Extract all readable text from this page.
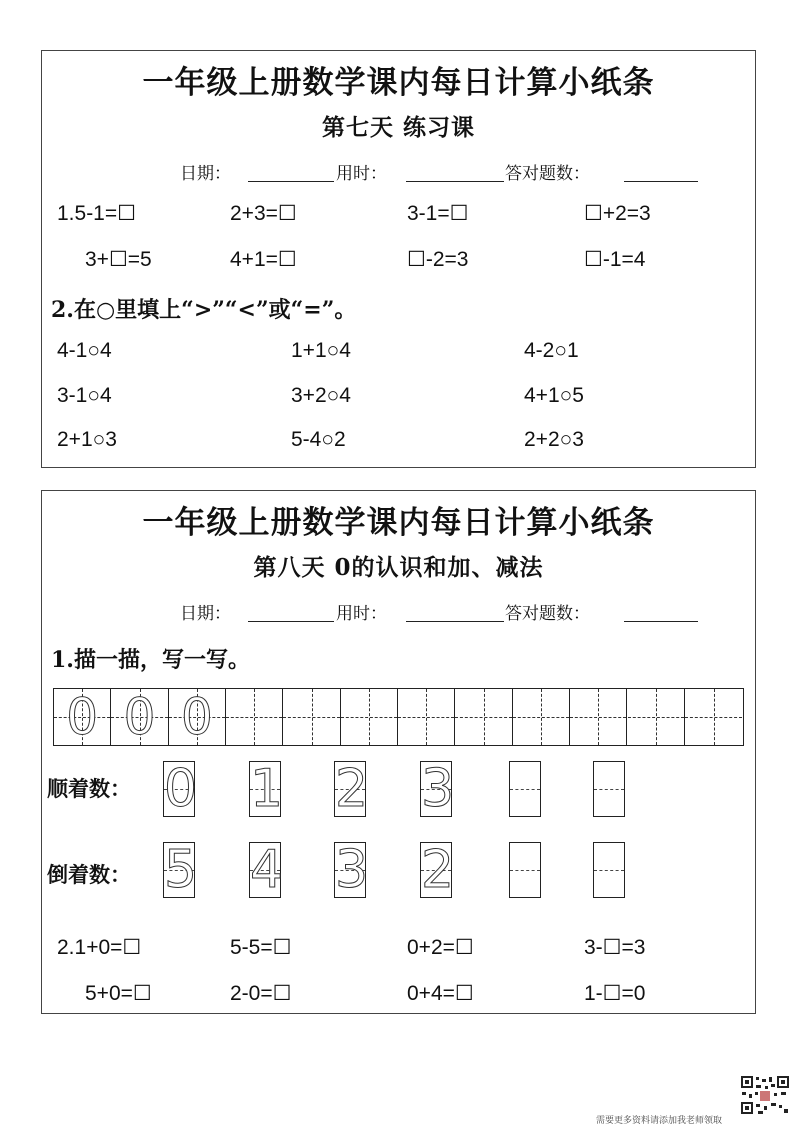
一年级上册数学课内每日计算小纸条
第七天 练习课
日期：	用时：	答对题数：
1.5-1=☐	2+3=☐	3-1=☐	☐+2=3
3+☐=5	4+1=☐	☐-2=3	☐-1=4
2.在○里填上“>”“<”或“=”。
4-1○4	1+1○4	4-2○1
3-1○4	3+2○4	4+1○5
2+1○3	5-4○2	2+2○3
一年级上册数学课内每日计算小纸条
第八天 0的认识和加、减法
日期：	用时：	答对题数：
1.描一描，写一写。
0 0 0
顺着数： 0 1 2 3
倒着数： 5 4 3 2
2.1+0=☐	5-5=☐	0+2=☐	3-☐=3
5+0=☐	2-0=☐	0+4=☐	1-☐=0
需要更多资料请添加我老师领取
